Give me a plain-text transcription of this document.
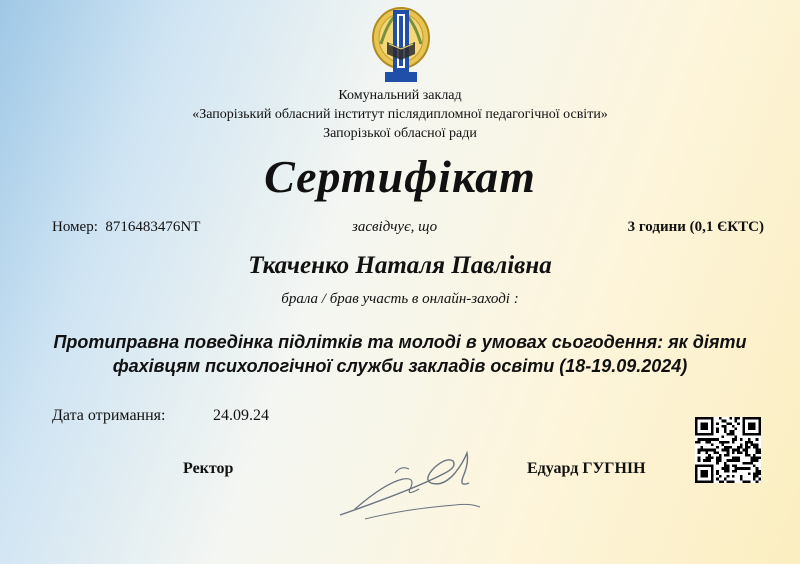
Комунальний заклад
«Запорізький обласний інститут післядипломної педагогічної освіти»
Запорізької обласної ради
Сертифікат
Номер: 8716483476NT	засвідчує, що	3 години (0,1 ЄКТС)
Ткаченко Наталя Павлівна
брала / брав участь в онлайн-заході :
Протиправна поведінка підлітків та молоді в умовах сьогодення: як діяти
фахівцям психологічної служби закладів освіти (18-19.09.2024)
Дата отримання:	24.09.24
Ректор	Едуард ГУГНІН
